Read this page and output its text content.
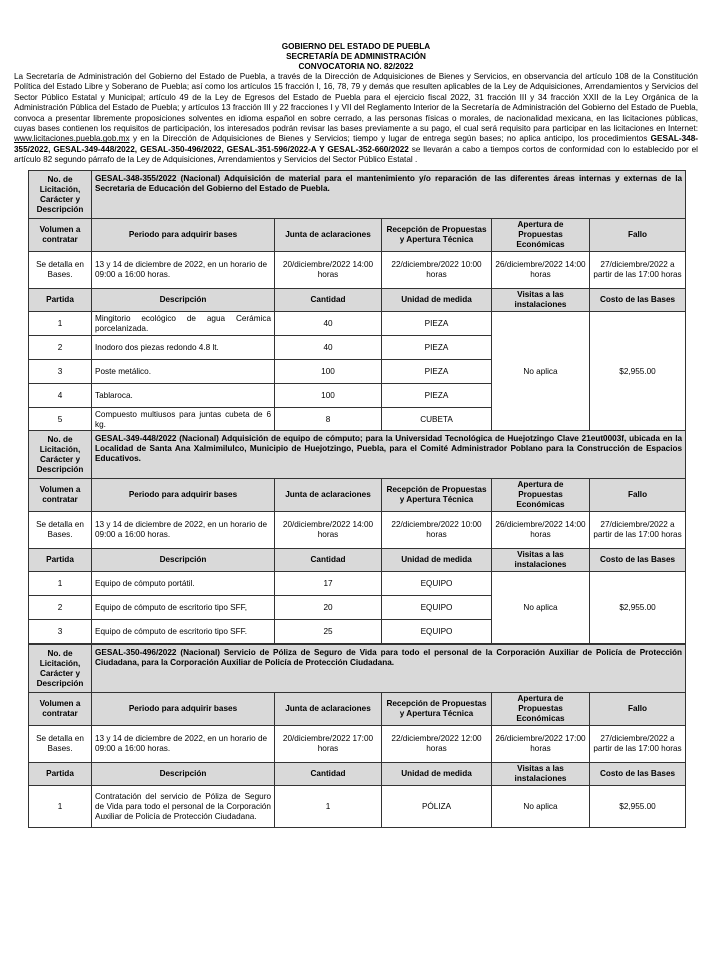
GOBIERNO DEL ESTADO DE PUEBLA
SECRETARÍA DE ADMINISTRACIÓN
CONVOCATORIA NO. 82/2022
La Secretaría de Administración del Gobierno del Estado de Puebla, a través de la Dirección de Adquisiciones de Bienes y Servicios, en observancia del artículo 108 de la Constitución Política del Estado Libre y Soberano de Puebla; así como los artículos 15 fracción I, 16, 78, 79 y demás que resulten aplicables de la Ley de Adquisiciones, Arrendamientos y Servicios del Sector Público Estatal y Municipal; artículo 49 de la Ley de Egresos del Estado de Puebla para el ejercicio fiscal 2022, 31 fracción III y 34 fracción XXII de la Ley Orgánica de la Administración Pública del Estado de Puebla; y artículos 13 fracción III y 22 fracciones I y VII del Reglamento Interior de la Secretaría de Administración del Gobierno del Estado de Puebla, convoca a presentar libremente proposiciones solventes en idioma español en sobre cerrado, a las personas físicas o morales, de nacionalidad mexicana, en las licitaciones públicas, cuyas bases contienen los requisitos de participación, los interesados podrán revisar las bases previamente a su pago, el cual será requisito para participar en las licitaciones en Internet: www.licitaciones.puebla.gob.mx y en la Dirección de Adquisiciones de Bienes y Servicios; tiempo y lugar de entrega según bases; no aplica anticipo, los procedimientos GESAL-348-355/2022, GESAL-349-448/2022, GESAL-350-496/2022, GESAL-351-596/2022-A Y GESAL-352-660/2022 se llevarán a cabo a tiempos cortos de conformidad con lo establecido por el artículo 82 segundo párrafo de la Ley de Adquisiciones, Arrendamientos y Servicios del Sector Público Estatal .
No. de Licitación, Carácter y Descripción	GESAL-348-355/2022 (Nacional) Adquisición de material para el mantenimiento y/o reparación de las diferentes áreas internas y externas de la Secretaria de Educación del Gobierno del Estado de Puebla.				
Volumen a contratar	Periodo para adquirir bases	Junta de aclaraciones	Recepción de Propuestas y Apertura Técnica	Apertura de Propuestas Económicas	Fallo
Se detalla en Bases.	13 y 14 de diciembre de 2022, en un horario de 09:00 a 16:00 horas.	20/diciembre/2022 14:00 horas	22/diciembre/2022 10:00 horas	26/diciembre/2022 14:00 horas	27/diciembre/2022 a partir de las 17:00 horas
Partida	Descripción	Cantidad	Unidad de medida	Visitas a las instalaciones	Costo de las Bases
1	Mingitorio ecológico de agua Cerámica porcelanizada.	40	PIEZA	No aplica	$2,955.00
2	Inodoro dos piezas redondo 4.8 lt.	40	PIEZA		
3	Poste metálico.	100	PIEZA		
4	Tablaroca.	100	PIEZA		
5	Compuesto multiusos para juntas cubeta de 6 kg.	8	CUBETA		
No. de Licitación, Carácter y Descripción	GESAL-349-448/2022 (Nacional) Adquisición de equipo de cómputo; para la Universidad Tecnológica de Huejotzingo Clave 21eut0003f, ubicada en la Localidad de Santa Ana Xalmimilulco, Municipio de Huejotzingo, Puebla, para el Comité Administrador Poblano para la Construcción de Espacios Educativos.				
Volumen a contratar	Periodo para adquirir bases	Junta de aclaraciones	Recepción de Propuestas y Apertura Técnica	Apertura de Propuestas Económicas	Fallo
Se detalla en Bases.	13 y 14 de diciembre de 2022, en un horario de 09:00 a 16:00 horas.	20/diciembre/2022 14:00 horas	22/diciembre/2022 10:00 horas	26/diciembre/2022 14:00 horas	27/diciembre/2022 a partir de las 17:00 horas
Partida	Descripción	Cantidad	Unidad de medida	Visitas a las instalaciones	Costo de las Bases
1	Equipo de cómputo portátil.	17	EQUIPO	No aplica	$2,955.00
2	Equipo de cómputo de escritorio tipo SFF,	20	EQUIPO		
3	Equipo de cómputo de escritorio tipo SFF.	25	EQUIPO		
No. de Licitación, Carácter y Descripción	GESAL-350-496/2022 (Nacional) Servicio de Póliza de Seguro de Vida para todo el personal de la Corporación Auxiliar de Policía de Protección Ciudadana, para la Corporación Auxiliar de Policía de Protección Ciudadana.				
Volumen a contratar	Periodo para adquirir bases	Junta de aclaraciones	Recepción de Propuestas y Apertura Técnica	Apertura de Propuestas Económicas	Fallo
Se detalla en Bases.	13 y 14 de diciembre de 2022, en un horario de 09:00 a 16:00 horas.	20/diciembre/2022 17:00 horas	22/diciembre/2022 12:00 horas	26/diciembre/2022 17:00 horas	27/diciembre/2022 a partir de las 17:00 horas
Partida	Descripción	Cantidad	Unidad de medida	Visitas a las instalaciones	Costo de las Bases
1	Contratación del servicio de Póliza de Seguro de Vida para todo el personal de la Corporación Auxiliar de Policía de Protección Ciudadana.	1	PÓLIZA	No aplica	$2,955.00
